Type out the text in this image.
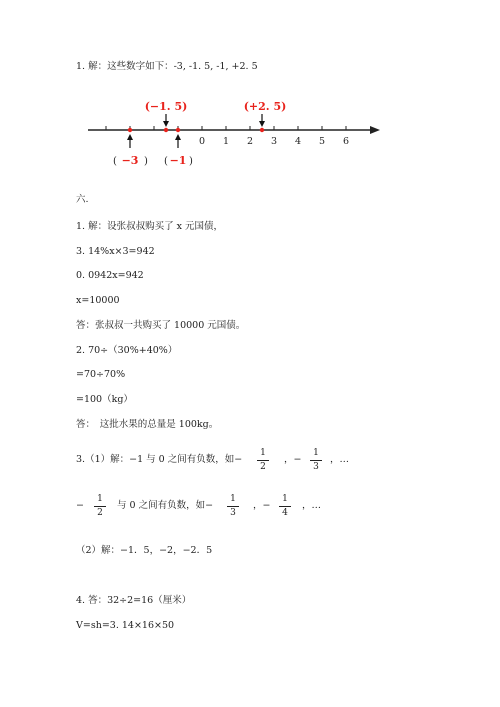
1. 解：这些数字如下：-3, -1. 5, -1, +2. 5
0 1 2 3 4 5 6
(−1. 5)	(+2. 5)
( −3 ) ( −1 )
六.
1. 解：设张叔叔购买了 x 元国债，
3. 14%x×3=942
0. 0942x=942
x=10000
答：张叔叔一共购买了 10000 元国债。
2. 70÷（30%+40%）
=70÷70%
=100（kg）
答：　这批水果的总量是 100kg。
3.（1）解：−1 与 0 之间有负数，如−
1
2
，−
1
3
，…
−
1
2
与 0 之间有负数，如−
1
3
，−
1
4
，…
（2）解：−1．5，−2，−2．5
4. 答：32÷2=16（厘米）
V=sh=3. 14×16×50
